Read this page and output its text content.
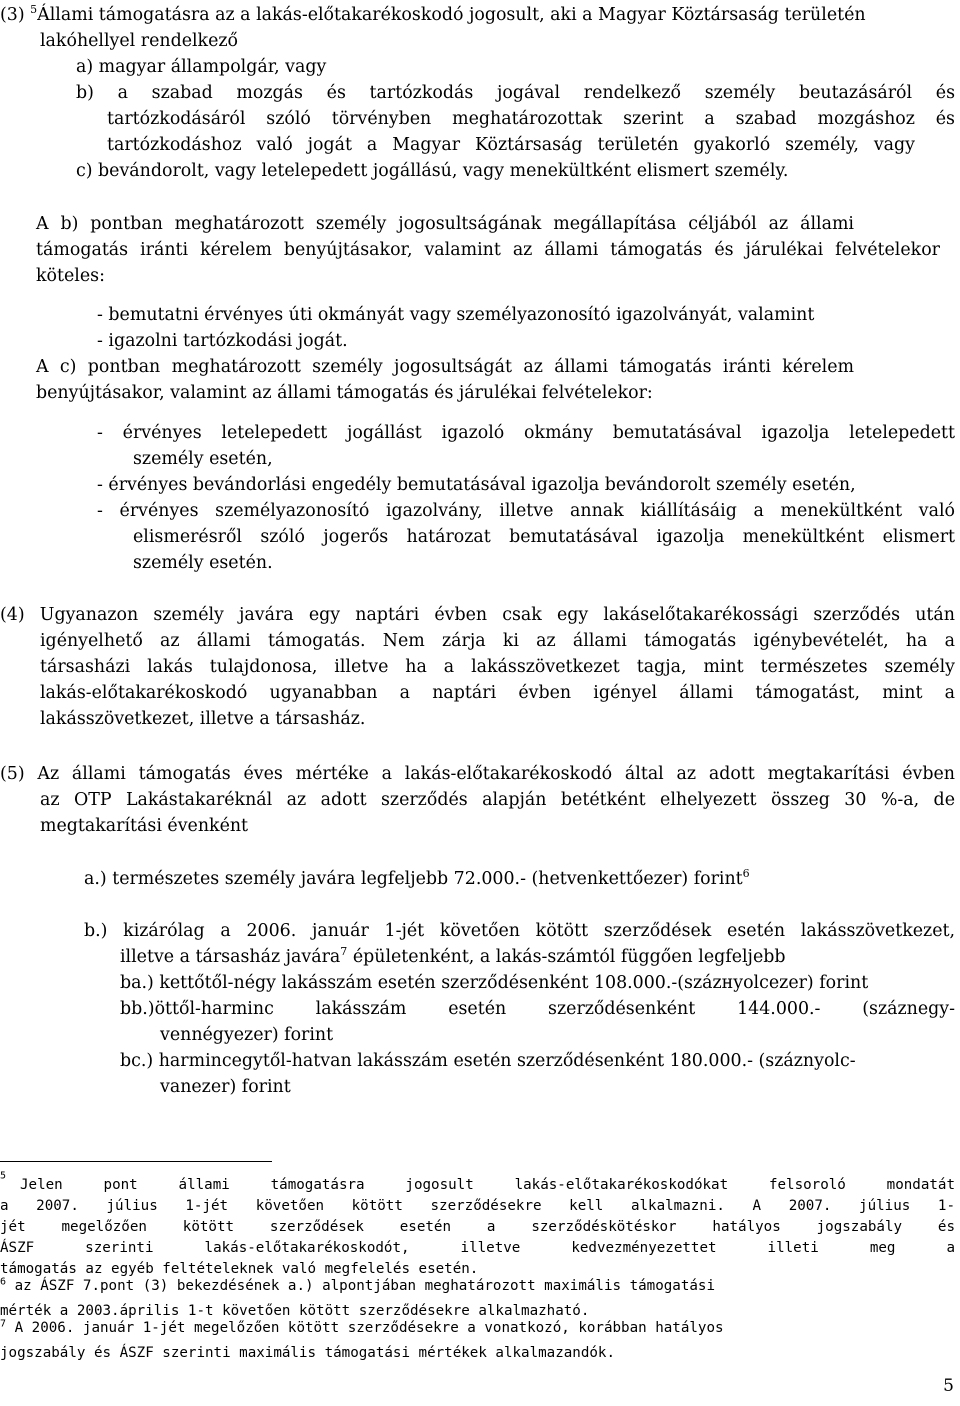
(3) $^5$Állami támogatásra az a lakás-előtakarékoskodó jogosult, aki a Magyar Köztársaság területén
lakóhellyel rendelkező
a) magyar állampolgár, vagy
b) a szabad mozgás és tartózkodás jogával rendelkező személy beutazásáról és
tartózkodásáról szóló törvényben meghatározottak szerint a szabad mozgáshoz és
tartózkodáshoz való jogát a Magyar Köztársaság területén gyakorló személy, vagy
c) bevándorolt, vagy letelepedett jogállású, vagy menekültként elismert személy.
A b) pontban meghatározott személy jogosultságának megállapítása céljából az állami
támogatás iránti kérelem benyújtásakor, valamint az állami támogatás és járulékai felvételekor
köteles:
- bemutatni érvényes úti okmányát vagy személyazonosító igazolványát, valamint
- igazolni tartózkodási jogát.
A c) pontban meghatározott személy jogosultságát az állami támogatás iránti kérelem
benyújtásakor, valamint az állami támogatás és járulékai felvételekor:
- érvényes letelepedett jogállást igazoló okmány bemutatásával igazolja letelepedett
személy esetén,
- érvényes bevándorlási engedély bemutatásával igazolja bevándorolt személy esetén,
- érvényes személyazonosító igazolvány, illetve annak kiállításáig a menekültként való
elismerésről szóló jogerős határozat bemutatásával igazolja menekültként elismert
személy esetén.
(4) Ugyanazon személy javára egy naptári évben csak egy lakáselőtakarékossági szerződés után
igényelhető az állami támogatás. Nem zárja ki az állami támogatás igénybevételét, ha a
társasházi lakás tulajdonosa, illetve ha a lakásszövetkezet tagja, mint természetes személy
lakás-előtakarékoskodó ugyanabban a naptári évben igényel állami támogatást, mint a
lakásszövetkezet, illetve a társasház.
(5) Az állami támogatás éves mértéke a lakás-előtakarékoskodó által az adott megtakarítási évben
az OTP Lakástakaréknál az adott szerződés alapján betétként elhelyezett összeg 30 %-a, de
megtakarítási évenként
a.) természetes személy javára legfeljebb 72.000.- (hetvenkettőezer) forint$^6$
b.) kizárólag a 2006. január 1-jét követően kötött szerződések esetén lakásszövetkezet,
illetve a társasház javára$^7$ épületenként, a lakás-számtól függően legfeljebb
ba.) kettőtől-négy lakásszám esetén szerződésenként 108.000.-(százнyolcezer) forint
bb.)öttől-harminc lakásszám esetén szerződésenként 144.000.- (száznegy-
vennégyezer) forint
bc.) harmincegytől-hatvan lakásszám esetén szerződésenként 180.000.- (száznyolc-
vanezer) forint
$^5$
Jelen pont állami támogatásra jogosult lakás-előtakarékoskodókat felsoroló mondatát
a 2007. július 1-jét követően kötött szerződésekre kell alkalmazni. A 2007. július 1-
jét megelőzően kötött szerződések esetén a szerződéskötéskor hatályos jogszabály és
ÁSZF szerinti lakás-előtakarékoskodót, illetve kedvezményezettet illeti meg a
támogatás az egyéb feltételeknek való megfelelés esetén.
$^6$ az ÁSZF 7.pont (3) bekezdésének a.) alpontjában meghatározott maximális támogatási
mérték a 2003.április 1-t követően kötött szerződésekre alkalmazható.
$^7$ A 2006. január 1-jét megelőzően kötött szerződésekre a vonatkozó, korábban hatályos
jogszabály és ÁSZF szerinti maximális támogatási mértékek alkalmazandók.
5
